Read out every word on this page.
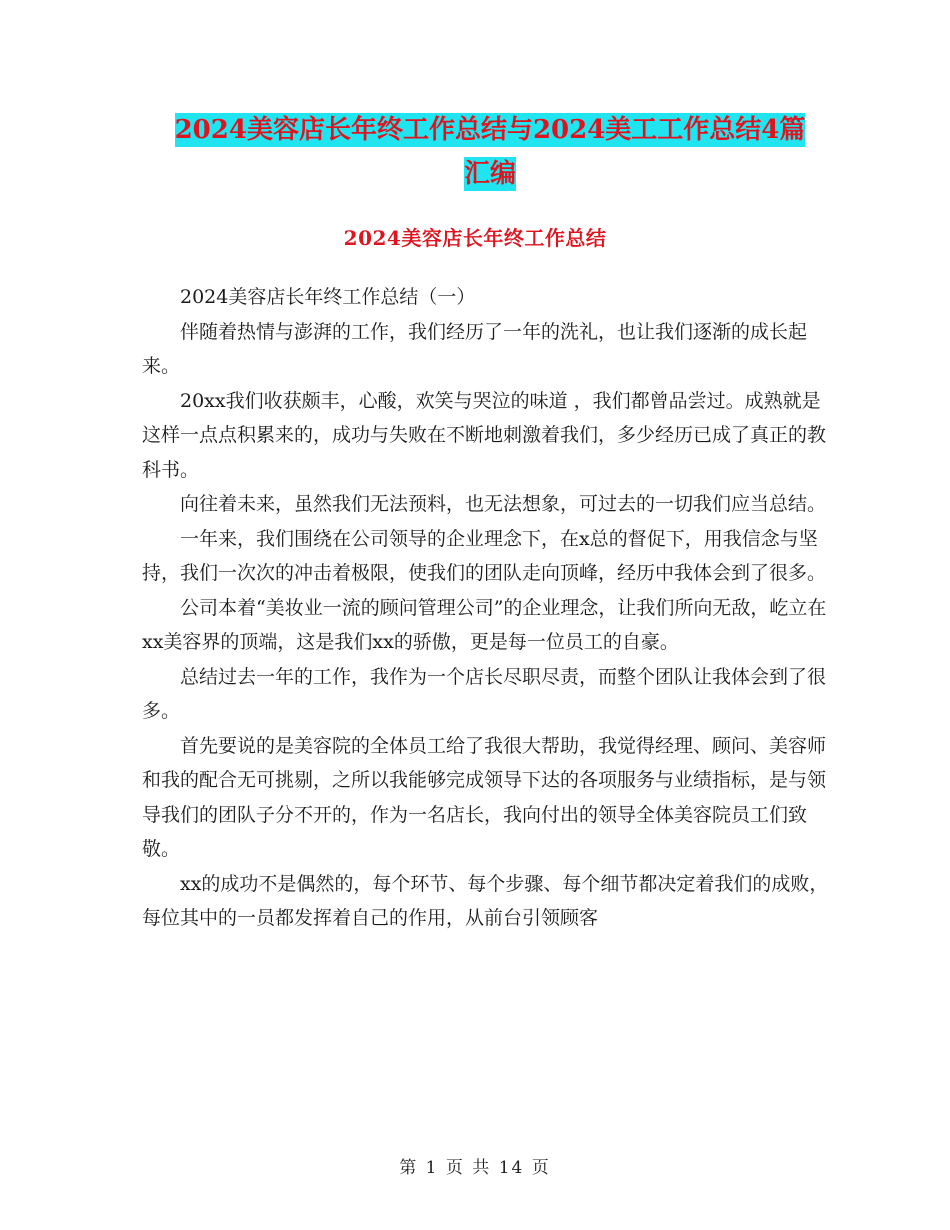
2024美容店长年终工作总结与2024美工工作总结4篇
汇编
2024美容店长年终工作总结

2024美容店长年终工作总结（一）

伴随着热情与澎湃的工作，我们经历了一年的洗礼，也让我们逐渐的成长起来。

20xx我们收获颇丰，心酸，欢笑与哭泣的味道 ，我们都曾品尝过。成熟就是这样一点点积累来的，成功与失败在不断地刺激着我们，多少经历已成了真正的教科书。

向往着未来，虽然我们无法预料，也无法想象，可过去的一切我们应当总结。

一年来，我们围绕在公司领导的企业理念下，在x总的督促下，用我信念与坚持，我们一次次的冲击着极限，使我们的团队走向顶峰，经历中我体会到了很多。

公司本着“美妆业一流的顾问管理公司”的企业理念，让我们所向无敌，屹立在xx美容界的顶端，这是我们xx的骄傲，更是每一位员工的自豪。

总结过去一年的工作，我作为一个店长尽职尽责，而整个团队让我体会到了很多。

首先要说的是美容院的全体员工给了我很大帮助，我觉得经理、顾问、美容师和我的配合无可挑剔，之所以我能够完成领导下达的各项服务与业绩指标，是与领导我们的团队子分不开的，作为一名店长，我向付出的领导全体美容院员工们致敬。

xx的成功不是偶然的，每个环节、每个步骤、每个细节都决定着我们的成败，每位其中的一员都发挥着自己的作用，从前台引领顾客

第 1 页 共 14 页
